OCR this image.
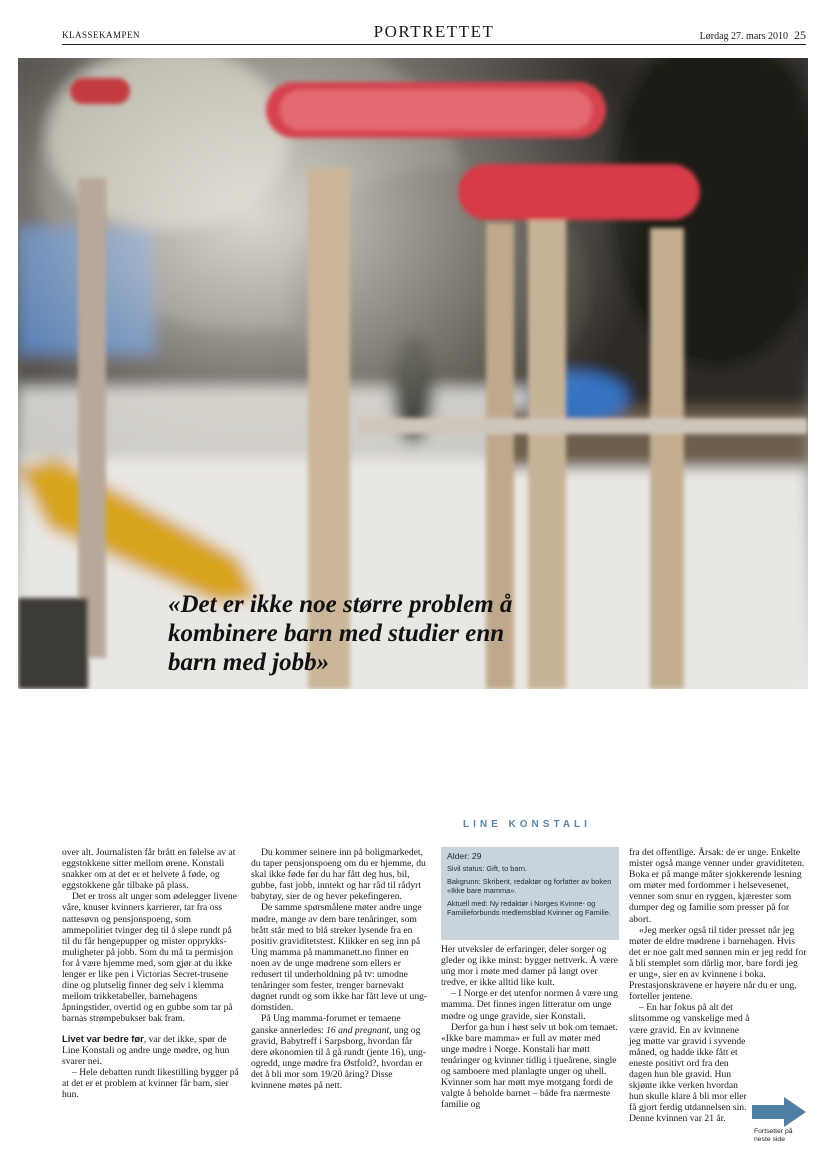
KLASSEKAMPEN	PORTRETTET	Lørdag 27. mars 2010 25
«Det er ikke noe større problem å kombinere barn med studier enn barn med jobb»
LINE KONSTALI

over alt. Journalisten får brått en følelse av at eggstokkene sitter mellom ørene. Konstali snakker om at det er et helvete å føde, og eggstokkene går tilbake på plass.

Det er tross alt unger som ødelegger livene våre, knuser kvinners karrierer, tar fra oss nattesøvn og pensjonspoeng, som ammepolitiet tvinger deg til å slepe rundt på til du får hengepupper og mister opprykksmuligheter på jobb. Som du må ta permisjon for å være hjemme med, som gjør at du ikke lenger er like pen i Victorias Secret-trusene dine og plutselig finner deg selv i klemma mellom trikketabeller, barnehagens åpningstider, overtid og en gubbe som tar på barnas strømpebukser bak fram.

Livet var bedre før, var det ikke, spør de Line Konstali og andre unge mødre, og hun svarer nei.

– Hele debatten rundt likestilling bygger på at det er et problem at kvinner får barn, sier hun.

Du kommer seinere inn på boligmarkedet, du taper pensjonspoeng om du er hjemme, du skal ikke føde før du har fått deg hus, bil, gubbe, fast jobb, inntekt og har råd til rådyrt babytøy, sier de og hever pekefingeren.

De samme spørsmålene møter andre unge mødre, mange av dem bare tenåringer, som brått står med to blå streker lysende fra en positiv graviditetstest. Klikker en seg inn på Ung mamma på mammanett.no finner en noen av de unge mødrene som ellers er redusert til underholdning på tv: umodne tenåringer som fester, trenger barnevakt døgnet rundt og som ikke har fått leve ut ungdomstiden.

På Ung mamma-forumet er temaene ganske annerledes: 16 and pregnant, ung og gravid, Babytreff i Sarpsborg, hvordan får dere økonomien til å gå rundt (jente 16), ung-ogredd, unge mødre fra Østfold?, hvordan er det å bli mor som 19/20 åring? Disse kvinnene møtes på nett.

Alder: 29
Sivil status: Gift, to barn.
Bakgrunn: Skribent, redaktør og forfatter av boken «Ikke bare mamma».
Aktuell med: Ny redaktør i Norges Kvinne- og Familieforbunds medlemsblad Kvinner og Familie.

Her utveksler de erfaringer, deler sorger og gleder og ikke minst: bygger nettverk. Å være ung mor i møte med damer på langt over tredve, er ikke alltid like kult.

– I Norge er det utenfor normen å være ung mamma. Det finnes ingen litteratur om unge mødre og unge gravide, sier Konstali.

Derfor ga hun i høst selv ut bok om temaet. «Ikke bare mamma» er full av møter med unge mødre i Norge. Konstali har møtt tenåringer og kvinner tidlig i tjueårene, single og samboere med planlagte unger og uhell. Kvinner som har møtt mye motgang fordi de valgte å beholde barnet – både fra nærmeste familie og

fra det offentlige. Årsak: de er unge. Enkelte mister også mange venner under graviditeten. Boka er på mange måter sjokkerende lesning om møter med fordommer i helsevesenet, venner som snur en ryggen, kjærester som dumper deg og familie som presser på for abort.

«Jeg merker også til tider presset når jeg møter de eldre mødrene i barnehagen. Hvis det er noe galt med sønnen min er jeg redd for å bli stemplet som dårlig mor, bare fordi jeg er ung», sier en av kvinnene i boka. Prestasjonskravene er høyere når du er ung, forteller jentene.

– En har fokus på alt det slitsomme og vanskelige med å være gravid. En av kvinnene jeg møtte var gravid i syvende måned, og hadde ikke fått et eneste positivt ord fra den dagen hun ble gravid. Hun skjønte ikke verken hvordan hun skulle klare å bli mor eller få gjort ferdig utdannelsen sin. Denne kvinnen var 21 år.

Fortsetter på neste side
